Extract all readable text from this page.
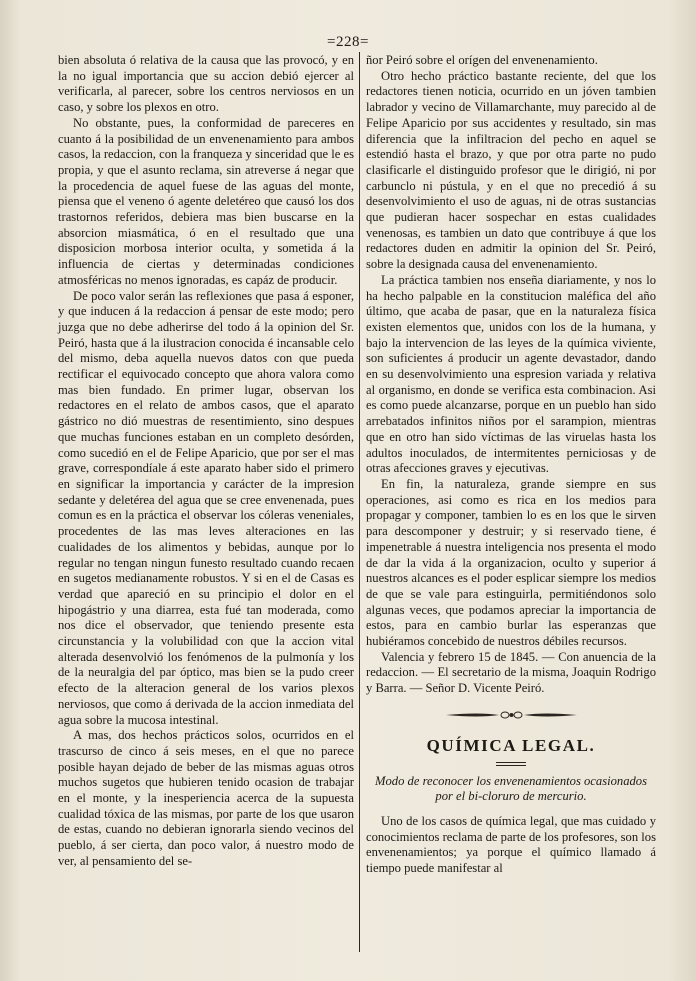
=228=

bien absoluta ó relativa de la causa que las provocó, y en la no igual importancia que su accion debió ejercer al verificarla, al parecer, sobre los centros nerviosos en un caso, y sobre los plexos en otro.

No obstante, pues, la conformidad de pareceres en cuanto á la posibilidad de un envenenamiento para ambos casos, la redaccion, con la franqueza y sinceridad que le es propia, y que el asunto reclama, sin atreverse á negar que la procedencia de aquel fuese de las aguas del monte, piensa que el veneno ó agente deletéreo que causó los dos trastornos referidos, debiera mas bien buscarse en la absorcion miasmática, ó en el resultado que una disposicion morbosa interior oculta, y sometida á la influencia de ciertas y determinadas condiciones atmosféricas no menos ignoradas, es capáz de producir.

De poco valor serán las reflexiones que pasa á esponer, y que inducen á la redaccion á pensar de este modo; pero juzga que no debe adherirse del todo á la opinion del Sr. Peiró, hasta que á la ilustracion conocida é incansable celo del mismo, deba aquella nuevos datos con que pueda rectificar el equivocado concepto que ahora valora como mas bien fundado. En primer lugar, observan los redactores en el relato de ambos casos, que el aparato gástrico no dió muestras de resentimiento, sino despues que muchas funciones estaban en un completo desórden, como sucedió en el de Felipe Aparicio, que por ser el mas grave, correspondíale á este aparato haber sido el primero en significar la importancia y carácter de la impresion sedante y deletérea del agua que se cree envenenada, pues comun es en la práctica el observar los cóleras veneniales, procedentes de las mas leves alteraciones en las cualidades de los alimentos y bebidas, aunque por lo regular no tengan ningun funesto resultado cuando recaen en sugetos medianamente robustos. Y si en el de Casas es verdad que apareció en su principio el dolor en el hipogástrio y una diarrea, esta fué tan moderada, como nos dice el observador, que teniendo presente esta circunstancia y la volubilidad con que la accion vital alterada desenvolvió los fenómenos de la pulmonía y los de la neuralgia del par óptico, mas bien se la pudo creer efecto de la alteracion general de los varios plexos nerviosos, que como á derivada de la accion inmediata del agua sobre la mucosa intestinal.

A mas, dos hechos prácticos solos, ocurridos en el trascurso de cinco á seis meses, en el que no parece posible hayan dejado de beber de las mismas aguas otros muchos sugetos que hubieren tenido ocasion de trabajar en el monte, y la inesperiencia acerca de la supuesta cualidad tóxica de las mismas, por parte de los que usaron de estas, cuando no debieran ignorarla siendo vecinos del pueblo, á ser cierta, dan poco valor, á nuestro modo de ver, al pensamiento del se-

ñor Peiró sobre el orígen del envenenamiento.

Otro hecho práctico bastante reciente, del que los redactores tienen noticia, ocurrido en un jóven tambien labrador y vecino de Villamarchante, muy parecido al de Felipe Aparicio por sus accidentes y resultado, sin mas diferencia que la infiltracion del pecho en aquel se estendió hasta el brazo, y que por otra parte no pudo clasificarle el distinguido profesor que le dirigió, ni por carbunclo ni pústula, y en el que no precedió á su desenvolvimiento el uso de aguas, ni de otras sustancias que pudieran hacer sospechar en estas cualidades venenosas, es tambien un dato que contribuye á que los redactores duden en admitir la opinion del Sr. Peiró, sobre la designada causa del envenenamiento.

La práctica tambien nos enseña diariamente, y nos lo ha hecho palpable en la constitucion maléfica del año último, que acaba de pasar, que en la naturaleza física existen elementos que, unidos con los de la humana, y bajo la intervencion de las leyes de la química viviente, son suficientes á producir un agente devastador, dando en su desenvolvimiento una espresion variada y relativa al organismo, en donde se verifica esta combinacion. Asi es como puede alcanzarse, porque en un pueblo han sido arrebatados infinitos niños por el sarampion, mientras que en otro han sido víctimas de las viruelas hasta los adultos inoculados, de intermitentes perniciosas y de otras afecciones graves y ejecutivas.

En fin, la naturaleza, grande siempre en sus operaciones, asi como es rica en los medios para propagar y componer, tambien lo es en los que le sirven para descomponer y destruir; y si reservado tiene, é impenetrable á nuestra inteligencia nos presenta el modo de dar la vida á la organizacion, oculto y superior á nuestros alcances es el poder esplicar siempre los medios de que se vale para estinguirla, permitiéndonos solo algunas veces, que podamos apreciar la importancia de estos, para en cambio burlar las esperanzas que hubiéramos concebido de nuestros débiles recursos.

Valencia y febrero 15 de 1845. — Con anuencia de la redaccion. — El secretario de la misma, Joaquin Rodrigo y Barra. — Señor D. Vicente Peiró.

QUÍMICA LEGAL.
Modo de reconocer los envenenamientos ocasionados por el bi-cloruro de mercurio.

Uno de los casos de química legal, que mas cuidado y conocimientos reclama de parte de los profesores, son los envenenamientos; ya porque el químico llamado á tiempo puede manifestar al
